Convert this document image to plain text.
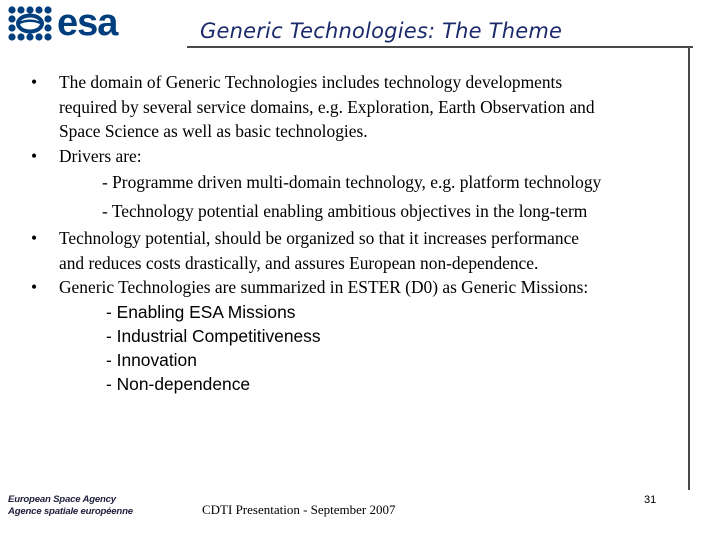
esa	Generic Technologies: The Theme
• The domain of Generic Technologies includes technology developments
required by several service domains, e.g. Exploration, Earth Observation and
Space Science as well as basic technologies.
• Drivers are:
- Programme driven multi-domain technology, e.g. platform technology
- Technology potential enabling ambitious objectives in the long-term
• Technology potential, should be organized so that it increases performance
and reduces costs drastically, and assures European non-dependence.
• Generic Technologies are summarized in ESTER (D0) as Generic Missions:
- Enabling ESA Missions
- Industrial Competitiveness
- Innovation
- Non-dependence
European Space Agency
Agence spatiale européenne	CDTI Presentation - September 2007
31
